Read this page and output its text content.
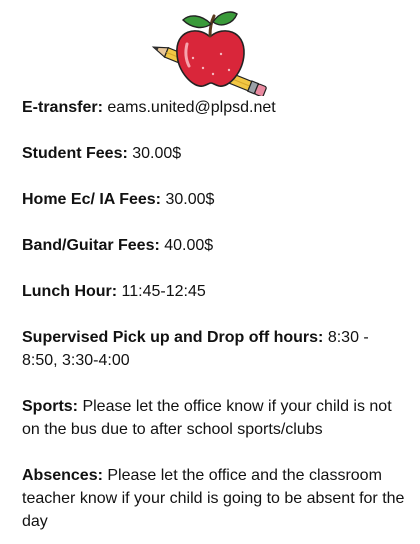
E-transfer: eams.united@plpsd.net

Student Fees: 30.00$

Home Ec/ IA Fees: 30.00$

Band/Guitar Fees: 40.00$

Lunch Hour: 11:45-12:45

Supervised Pick up and Drop off hours: 8:30 - 8:50, 3:30-4:00

Sports: Please let the office know if your child is not on the bus due to after school sports/clubs

Absences: Please let the office and the classroom teacher know if your child is going to be absent for the day
